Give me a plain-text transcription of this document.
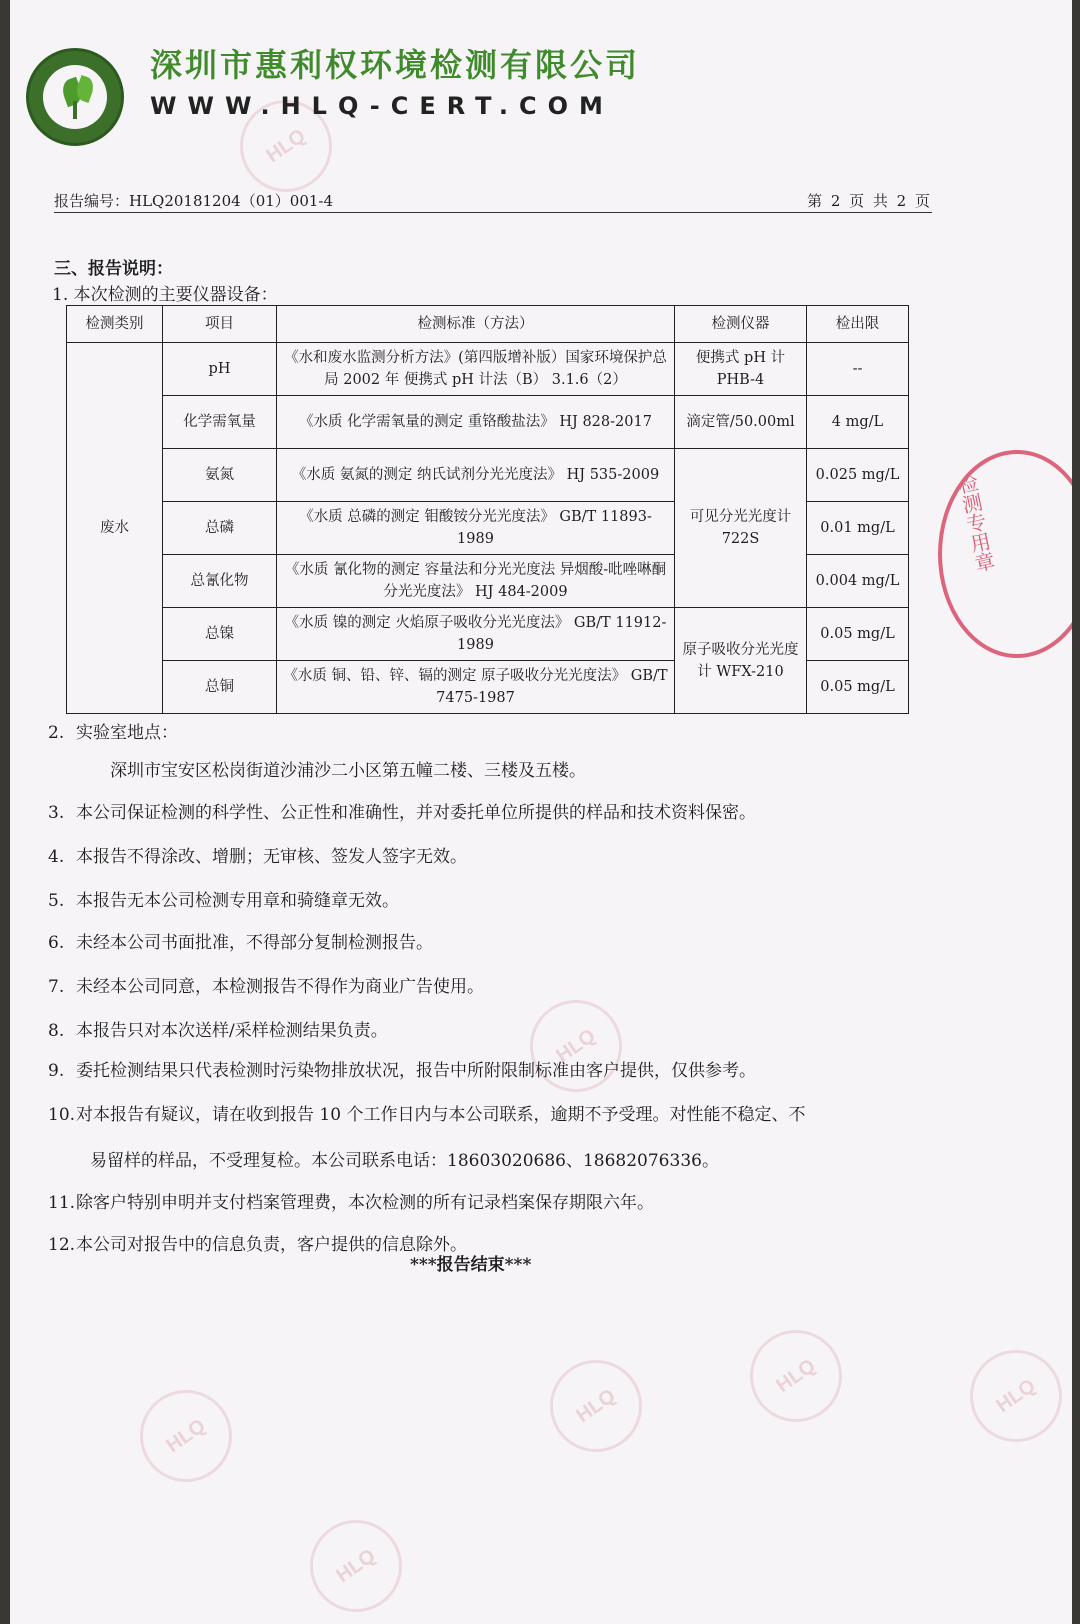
HLQ
HLQ
HLQ
HLQ
HLQ	HLQ
HLQ
深圳市惠利权环境检测有限公司
WWW.HLQ-CERT.COM
报告编号：HLQ20181204（01）001-4	第 2 页 共 2 页
三、报告说明：
1. 本次检测的主要仪器设备：
检测类别	项目	检测标准（方法）	检测仪器	检出限
废水	pH	《水和废水监测分析方法》(第四版增补版）国家环境保护总局 2002 年 便携式 pH 计法（B） 3.1.6（2）	便携式 pH 计 PHB-4	--
	化学需氧量	《水质 化学需氧量的测定 重铬酸盐法》 HJ 828-2017	滴定管/50.00ml	4 mg/L
	氨氮	《水质 氨氮的测定 纳氏试剂分光光度法》 HJ 535-2009	可见分光光度计 722S	0.025 mg/L
	总磷	《水质 总磷的测定 钼酸铵分光光度法》 GB/T 11893-1989		0.01 mg/L
	总氰化物	《水质 氰化物的测定 容量法和分光光度法 异烟酸-吡唑啉酮分光光度法》 HJ 484-2009		0.004 mg/L
	总镍	《水质 镍的测定 火焰原子吸收分光光度法》 GB/T 11912-1989	原子吸收分光光度计 WFX-210	0.05 mg/L
	总铜	《水质 铜、铅、锌、镉的测定 原子吸收分光光度法》 GB/T 7475-1987		0.05 mg/L
2. 实验室地点：
深圳市宝安区松岗街道沙浦沙二小区第五幢二楼、三楼及五楼。
3. 本公司保证检测的科学性、公正性和准确性，并对委托单位所提供的样品和技术资料保密。
4. 本报告不得涂改、增删；无审核、签发人签字无效。
5. 本报告无本公司检测专用章和骑缝章无效。
6. 未经本公司书面批准，不得部分复制检测报告。
7. 未经本公司同意，本检测报告不得作为商业广告使用。
8. 本报告只对本次送样/采样检测结果负责。
9. 委托检测结果只代表检测时污染物排放状况，报告中所附限制标准由客户提供，仅供参考。
10.对本报告有疑议，请在收到报告 10 个工作日内与本公司联系，逾期不予受理。对性能不稳定、不
易留样的样品，不受理复检。本公司联系电话：18603020686、18682076336。
11.除客户特别申明并支付档案管理费，本次检测的所有记录档案保存期限六年。
12.本公司对报告中的信息负责，客户提供的信息除外。
***报告结束***
检测专用章
